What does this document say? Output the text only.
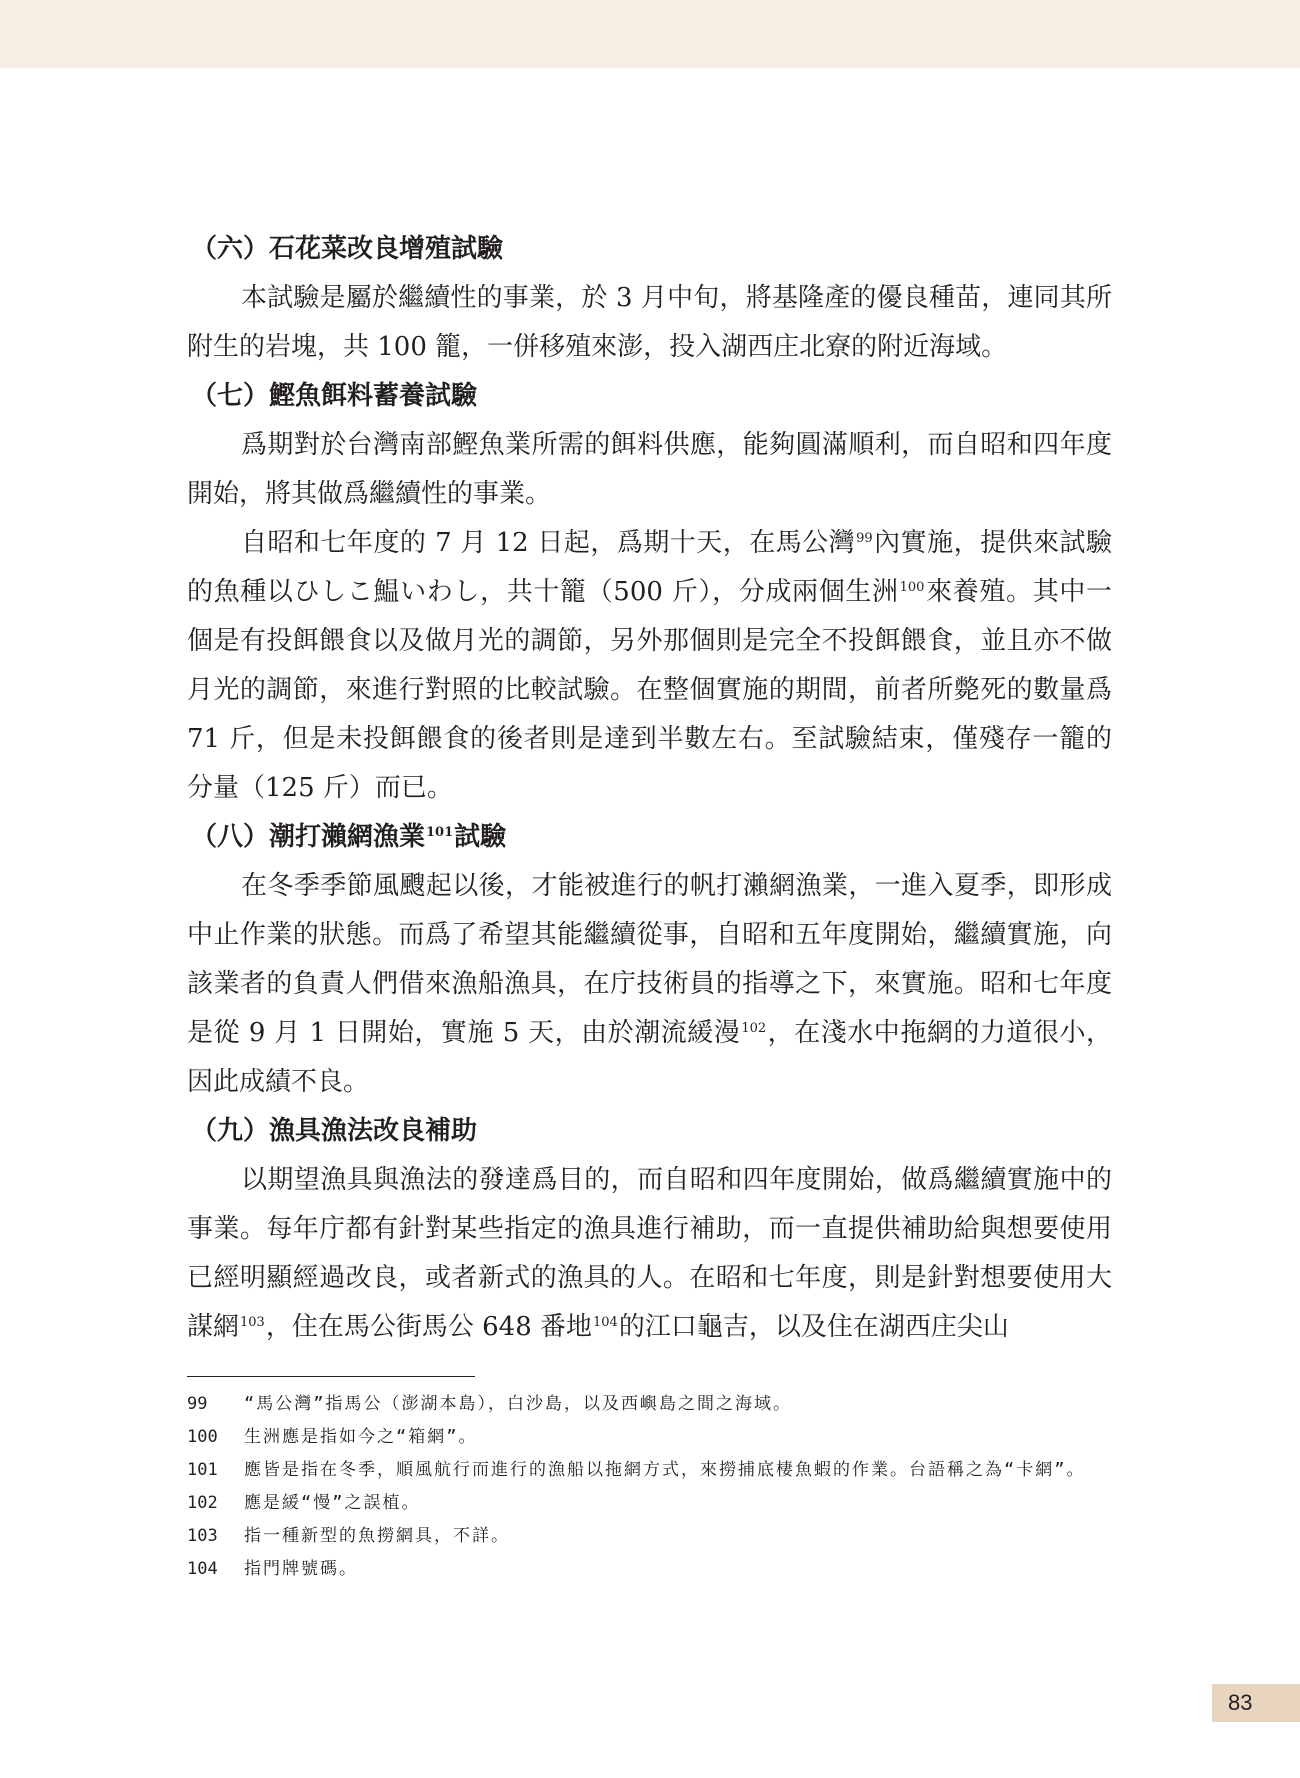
（六）石花菜改良增殖試驗

本試驗是屬於繼續性的事業，於 3 月中旬，將基隆產的優良種苗，連同其所附生的岩塊，共 100 籠，一併移殖來澎，投入湖西庄北寮的附近海域。

（七）鰹魚餌料蓄養試驗

爲期對於台灣南部鰹魚業所需的餌料供應，能夠圓滿順利，而自昭和四年度開始，將其做爲繼續性的事業。

自昭和七年度的 7 月 12 日起，爲期十天，在馬公灣$^{99}$內實施，提供來試驗的魚種以ひしこ鰛いわし，共十籠（500 斤），分成兩個生洲$^{100}$來養殖。其中一個是有投餌餵食以及做月光的調節，另外那個則是完全不投餌餵食，並且亦不做月光的調節，來進行對照的比較試驗。在整個實施的期間，前者所斃死的數量爲 71 斤，但是未投餌餵食的後者則是達到半數左右。至試驗結束，僅殘存一籠的分量（125 斤）而已。

（八）潮打瀨網漁業$^{101}$試驗

在冬季季節風颼起以後，才能被進行的帆打瀨網漁業，一進入夏季，即形成中止作業的狀態。而爲了希望其能繼續從事，自昭和五年度開始，繼續實施，向該業者的負責人們借來漁船漁具，在庁技術員的指導之下，來實施。昭和七年度是從 9 月 1 日開始，實施 5 天，由於潮流緩漫$^{102}$，在淺水中拖網的力道很小，因此成績不良。

（九）漁具漁法改良補助

以期望漁具與漁法的發達爲目的，而自昭和四年度開始，做爲繼續實施中的事業。每年庁都有針對某些指定的漁具進行補助，而一直提供補助給與想要使用已經明顯經過改良，或者新式的漁具的人。在昭和七年度，則是針對想要使用大謀網$^{103}$，住在馬公街馬公 648 番地$^{104}$的江口龜吉，以及住在湖西庄尖山

99	“馬公灣”指馬公（澎湖本島），白沙島，以及西嶼島之間之海域。
100	生洲應是指如今之“箱網”。
101	應皆是指在冬季，順風航行而進行的漁船以拖網方式，來撈捕底棲魚蝦的作業。台語稱之為“卡網”。
102	應是緩“慢”之誤植。
103	指一種新型的魚撈網具，不詳。
104	指門牌號碼。
83
